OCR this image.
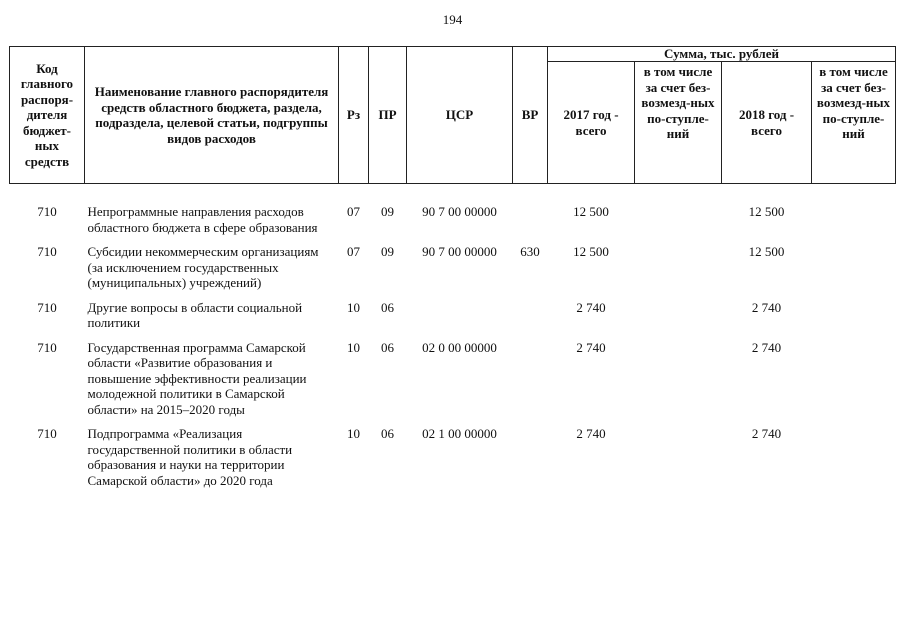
194
Код главного распоря-дителя бюджет-ных средств	Наименование главного распорядителя средств областного бюджета, раздела, подраздела, целевой статьи, подгруппы видов расходов	Рз	ПР	ЦСР	ВР	Сумма, тыс. рублей			
						2017 год - всего	в том числе за счет без-возмезд-ных по-ступле-ний	2018 год - всего	в том числе за счет без-возмезд-ных по-ступле-ний

710	Непрограммные направления расходов областного бюджета в сфере образования	07	09	90 7 00 00000		12 500		12 500	
710	Субсидии некоммерческим организациям (за исключением государственных (муниципальных) учреждений)	07	09	90 7 00 00000	630	12 500		12 500	
710	Другие вопросы в области социальной политики	10	06			2 740		2 740	
710	Государственная программа Самарской области «Развитие образования и повышение эффективности реализации молодежной политики в Самарской области» на 2015–2020 годы	10	06	02 0 00 00000		2 740		2 740	
710	Подпрограмма «Реализация государственной политики в области образования и науки на территории Самарской области» до 2020 года	10	06	02 1 00 00000		2 740		2 740	
